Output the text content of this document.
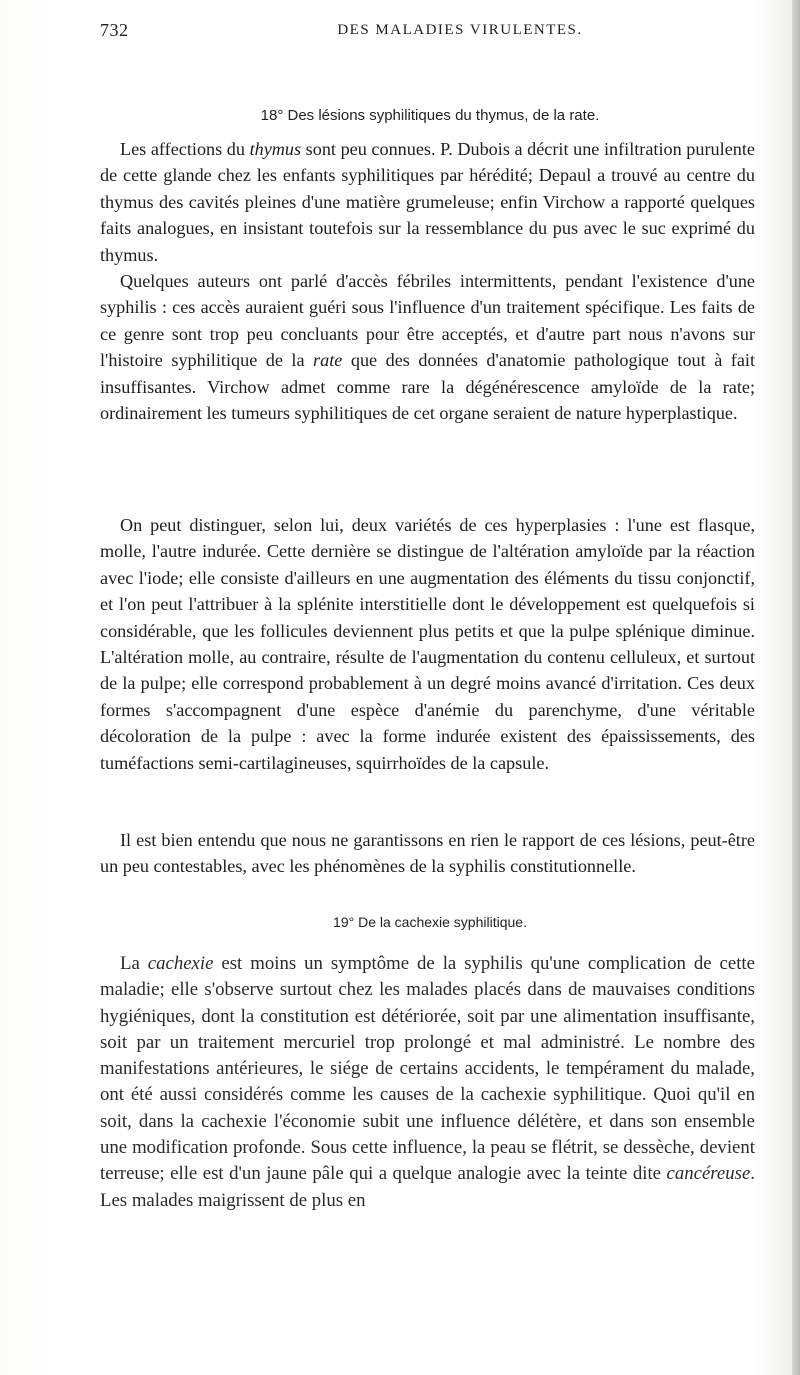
732	DES MALADIES VIRULENTES.
18° Des lésions syphilitiques du thymus, de la rate.

Les affections du thymus sont peu connues. P. Dubois a décrit une infiltration purulente de cette glande chez les enfants syphilitiques par hérédité; Depaul a trouvé au centre du thymus des cavités pleines d'une matière grumeleuse; enfin Virchow a rapporté quelques faits analogues, en insistant toutefois sur la ressemblance du pus avec le suc exprimé du thymus.

Quelques auteurs ont parlé d'accès fébriles intermittents, pendant l'existence d'une syphilis : ces accès auraient guéri sous l'influence d'un traitement spécifique. Les faits de ce genre sont trop peu concluants pour être acceptés, et d'autre part nous n'avons sur l'histoire syphilitique de la rate que des données d'anatomie pathologique tout à fait insuffisantes. Virchow admet comme rare la dégénérescence amyloïde de la rate; ordinairement les tumeurs syphilitiques de cet organe seraient de nature hyperplastique.

On peut distinguer, selon lui, deux variétés de ces hyperplasies : l'une est flasque, molle, l'autre indurée. Cette dernière se distingue de l'altération amyloïde par la réaction avec l'iode; elle consiste d'ailleurs en une augmentation des éléments du tissu conjonctif, et l'on peut l'attribuer à la splénite interstitielle dont le développement est quelquefois si considérable, que les follicules deviennent plus petits et que la pulpe splénique diminue. L'altération molle, au contraire, résulte de l'augmentation du contenu celluleux, et surtout de la pulpe; elle correspond probablement à un degré moins avancé d'irritation. Ces deux formes s'accompagnent d'une espèce d'anémie du parenchyme, d'une véritable décoloration de la pulpe : avec la forme indurée existent des épaississements, des tuméfactions semi-cartilagineuses, squirrhoïdes de la capsule.

Il est bien entendu que nous ne garantissons en rien le rapport de ces lésions, peut-être un peu contestables, avec les phénomènes de la syphilis constitutionnelle.

19° De la cachexie syphilitique.

La cachexie est moins un symptôme de la syphilis qu'une complication de cette maladie; elle s'observe surtout chez les malades placés dans de mauvaises conditions hygiéniques, dont la constitution est détériorée, soit par une alimentation insuffisante, soit par un traitement mercuriel trop prolongé et mal administré. Le nombre des manifestations antérieures, le siége de certains accidents, le tempérament du malade, ont été aussi considérés comme les causes de la cachexie syphilitique. Quoi qu'il en soit, dans la cachexie l'économie subit une influence délétère, et dans son ensemble une modification profonde. Sous cette influence, la peau se flétrit, se dessèche, devient terreuse; elle est d'un jaune pâle qui a quelque analogie avec la teinte dite cancéreuse. Les malades maigrissent de plus en
